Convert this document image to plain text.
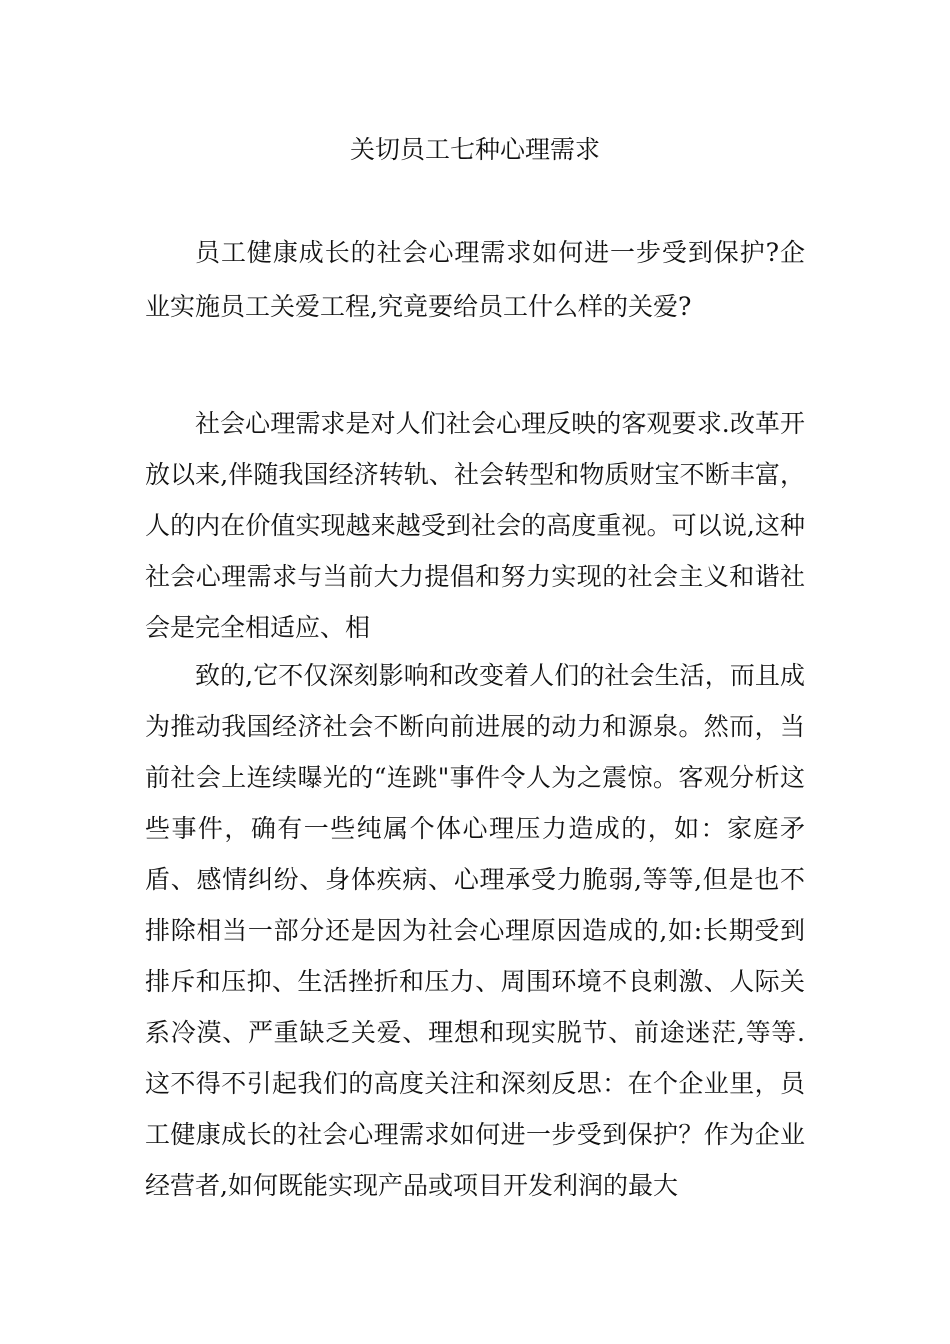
关切员工七种心理需求

员工健康成长的社会心理需求如何进一步受到保护?企业实施员工关爱工程,究竟要给员工什么样的关爱?

社会心理需求是对人们社会心理反映的客观要求.改革开放以来,伴随我国经济转轨、社会转型和物质财宝不断丰富，人的内在价值实现越来越受到社会的高度重视。可以说,这种社会心理需求与当前大力提倡和努力实现的社会主义和谐社会是完全相适应、相

致的,它不仅深刻影响和改变着人们的社会生活，而且成为推动我国经济社会不断向前进展的动力和源泉。然而，当前社会上连续曝光的“连跳"事件令人为之震惊。客观分析这些事件，确有一些纯属个体心理压力造成的，如：家庭矛盾、感情纠纷、身体疾病、心理承受力脆弱,等等,但是也不排除相当一部分还是因为社会心理原因造成的,如:长期受到排斥和压抑、生活挫折和压力、周围环境不良刺激、人际关系冷漠、严重缺乏关爱、理想和现实脱节、前途迷茫,等等.这不得不引起我们的高度关注和深刻反思：在个企业里，员工健康成长的社会心理需求如何进一步受到保护？作为企业经营者,如何既能实现产品或项目开发利润的最大
